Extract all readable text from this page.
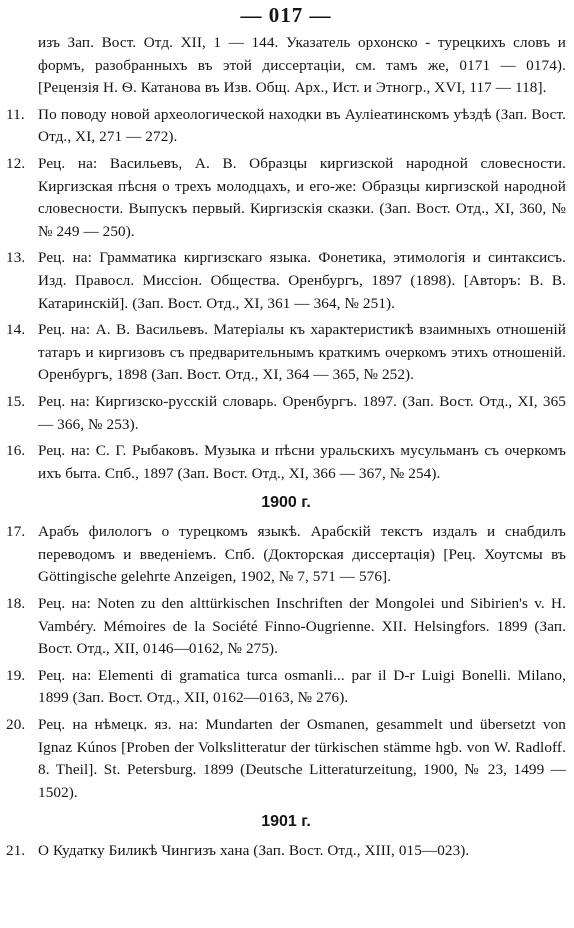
— 017 —
изъ Зап. Вост. Отд. XII, 1 — 144. Указатель орхонско - турецкихъ словъ и формъ, разобранныхъ въ этой диссертаціи, см. тамъ же, 0171 — 0174). [Рецензія Н. Ѳ. Катанова въ Изв. Общ. Арх., Ист. и Этногр., XVI, 117 — 118].
11. По поводу новой археологической находки въ Аулiеатинскомъ уѣздѣ (Зап. Вост. Отд., XI, 271 — 272).
12. Рец. на: Васильевъ, А. В. Образцы киргизской народной словесности. Киргизская пѣсня о трехъ молодцахъ, и его-же: Образцы киргизской народной словесности. Выпускъ первый. Киргизскія сказки. (Зап. Вост. Отд., XI, 360, №№ 249 — 250).
13. Рец. на: Грамматика киргизскаго языка. Фонетика, этимологія и синтаксисъ. Изд. Правосл. Миссіон. Общества. Оренбургъ, 1897 (1898). [Авторъ: В. В. Катаринскій]. (Зап. Вост. Отд., XI, 361 — 364, № 251).
14. Рец. на: А. В. Васильевъ. Матеріалы къ характеристикѣ взаимныхъ отношеній татаръ и киргизовъ съ предварительнымъ краткимъ очеркомъ этихъ отношеній. Оренбургъ, 1898 (Зап. Вост. Отд., XI, 364 — 365, № 252).
15. Рец. на: Киргизско-русскій словарь. Оренбургъ. 1897. (Зап. Вост. Отд., XI, 365 — 366, № 253).
16. Рец. на: С. Г. Рыбаковъ. Музыка и пѣсни уральскихъ мусульманъ съ очеркомъ ихъ быта. Спб., 1897 (Зап. Вост. Отд., XI, 366 — 367, № 254).
1900 г.
17. Арабъ филологъ о турецкомъ языкѣ. Арабскій текстъ издалъ и снабдилъ переводомъ и введеніемъ. Спб. (Докторская диссертація) [Рец. Хоутсмы въ Göttingische gelehrte Anzeigen, 1902, № 7, 571 — 576].
18. Рец. на: Noten zu den alttürkischen Inschriften der Mongolei und Sibirien's v. H. Vambéry. Mémoires de la Société Finno-Ougrienne. XII. Helsingfors. 1899 (Зап. Вост. Отд., XII, 0146—0162, № 275).
19. Рец. на: Elementi di gramatica turca osmanli... par il D-r Luigi Bonelli. Milano, 1899 (Зап. Вост. Отд., XII, 0162—0163, № 276).
20. Рец. на нѣмецк. яз. на: Mundarten der Osmanen, gesammelt und übersetzt von Ignaz Kúnos [Proben der Volkslitteratur der türkischen stämme hgb. von W. Radloff. 8. Theil]. St. Petersburg. 1899 (Deutsche Litteraturzeitung, 1900, № 23, 1499 — 1502).
1901 г.
21. О Кудатку Биликѣ Чингизъ хана (Зап. Вост. Отд., XIII, 015—023).
